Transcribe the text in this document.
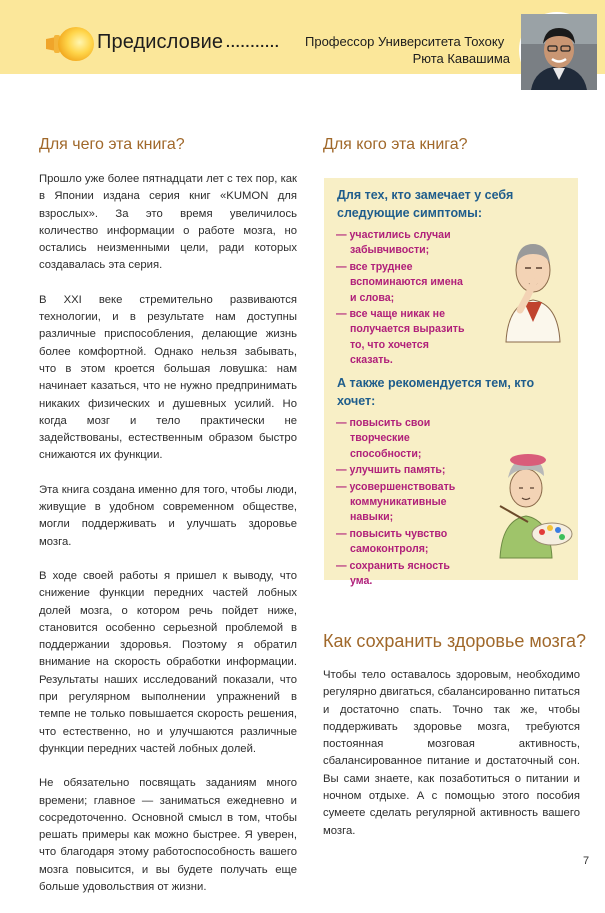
Предисловие ........... Профессор Университета Тохоку
Рюта Кавашима
Для чего эта книга?

Прошло уже более пятнадцати лет с тех пор, как в Японии издана серия книг «KUMON для взрослых». За это время увеличилось количество информации о работе мозга, но остались неизменными цели, ради которых создавалась эта серия.

В XXI веке стремительно развиваются технологии, и в результате нам доступны различные приспособления, делающие жизнь более комфортной. Однако нельзя забывать, что в этом кроется большая ловушка: нам начинает казаться, что не нужно предпринимать никаких физических и душевных усилий. Но когда мозг и тело практически не задействованы, естественным образом быстро снижаются их функции.

Эта книга создана именно для того, чтобы люди, живущие в удобном современном обществе, могли поддерживать и улучшать здоровье мозга.

В ходе своей работы я пришел к выводу, что снижение функции передних частей лобных долей мозга, о котором речь пойдет ниже, становится особенно серьезной проблемой в поддержании здоровья. Поэтому я обратил внимание на скорость обработки информации. Результаты наших исследований показали, что при регулярном выполнении упражнений в темпе не только повышается скорость решения, что естественно, но и улучшаются различные функции передних частей лобных долей.

Не обязательно посвящать заданиям много времени; главное — заниматься ежедневно и сосредоточенно. Основной смысл в том, чтобы решать примеры как можно быстрее. Я уверен, что благодаря этому работоспособность вашего мозга повысится, и вы будете получать еще больше удовольствия от жизни.

Для кого эта книга?
Для тех, кто замечает у себя следующие симптомы:
— участились случаи
забывчивости;
— все труднее
вспоминаются имена
и слова;
— все чаще никак не
получается выразить
то, что хочется
сказать.
А также рекомендуется тем, кто хочет:
— повысить свои
творческие
способности;
— улучшить память;
— усовершенствовать
коммуникативные
навыки;
— повысить чувство
самоконтроля;
— сохранить ясность
ума.
Как сохранить здоровье мозга?

Чтобы тело оставалось здоровым, необходимо регулярно двигаться, сбалансированно питаться и достаточно спать. Точно так же, чтобы поддерживать здоровье мозга, требуются постоянная мозговая активность, сбалансированное питание и достаточный сон. Вы сами знаете, как позаботиться о питании и ночном отдыхе. А с помощью этого пособия сумеете сделать регулярной активность вашего мозга.

7
